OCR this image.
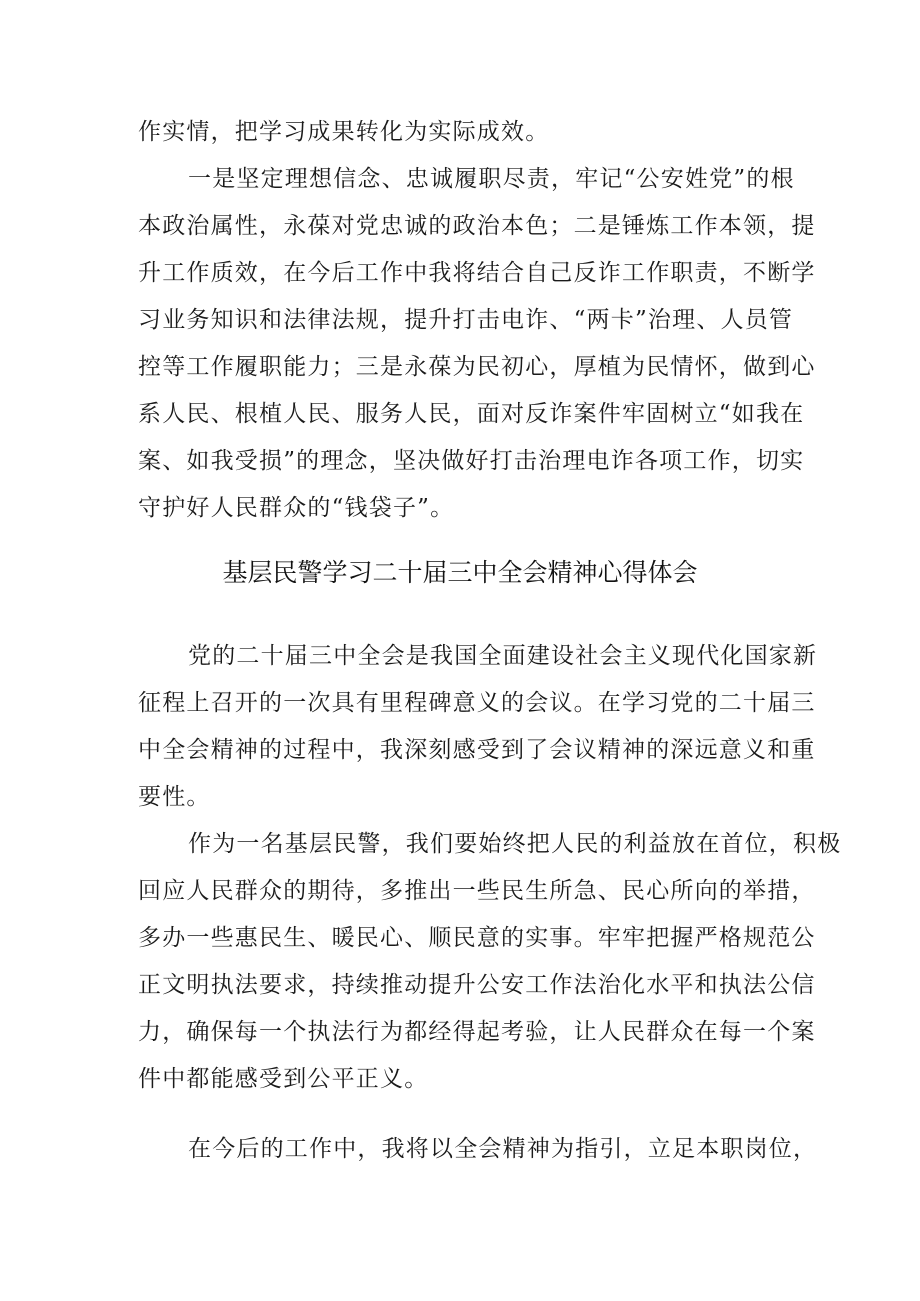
作实情，把学习成果转化为实际成效。
一是坚定理想信念、忠诚履职尽责，牢记“公安姓党”的根
本政治属性，永葆对党忠诚的政治本色；二是锤炼工作本领，提
升工作质效，在今后工作中我将结合自己反诈工作职责，不断学
习业务知识和法律法规，提升打击电诈、“两卡”治理、人员管
控等工作履职能力；三是永葆为民初心，厚植为民情怀，做到心
系人民、根植人民、服务人民，面对反诈案件牢固树立“如我在
案、如我受损”的理念，坚决做好打击治理电诈各项工作，切实
守护好人民群众的“钱袋子”。
基层民警学习二十届三中全会精神心得体会
党的二十届三中全会是我国全面建设社会主义现代化国家新
征程上召开的一次具有里程碑意义的会议。在学习党的二十届三
中全会精神的过程中，我深刻感受到了会议精神的深远意义和重
要性。
作为一名基层民警，我们要始终把人民的利益放在首位，积极
回应人民群众的期待，多推出一些民生所急、民心所向的举措，
多办一些惠民生、暖民心、顺民意的实事。牢牢把握严格规范公
正文明执法要求，持续推动提升公安工作法治化水平和执法公信
力，确保每一个执法行为都经得起考验，让人民群众在每一个案
件中都能感受到公平正义。
在今后的工作中，我将以全会精神为指引，立足本职岗位，
